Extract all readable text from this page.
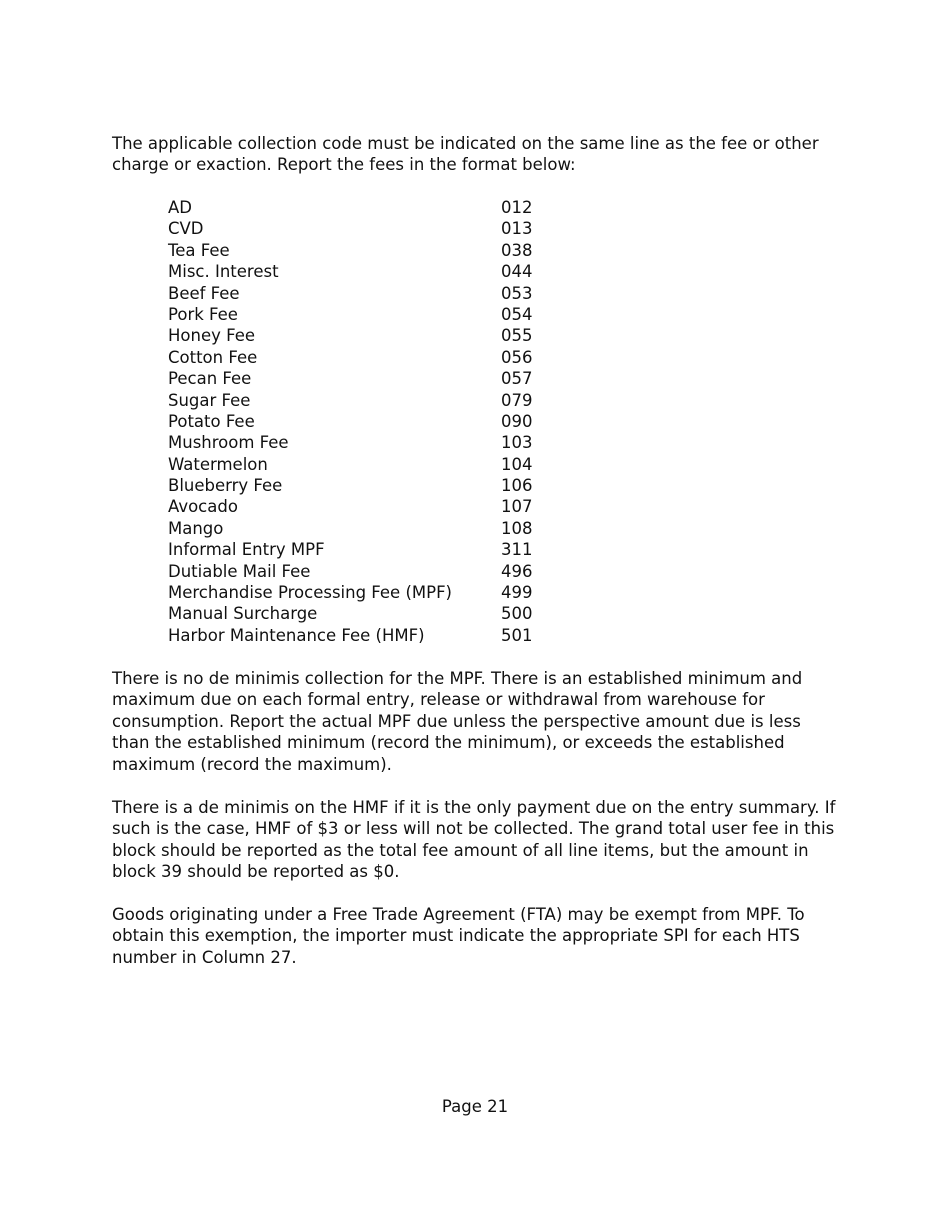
The applicable collection code must be indicated on the same line as the fee or other
charge or exaction. Report the fees in the format below:

AD	012
CVD	013
Tea Fee	038
Misc. Interest	044
Beef Fee	053
Pork Fee	054
Honey Fee	055
Cotton Fee	056
Pecan Fee	057
Sugar Fee	079
Potato Fee	090
Mushroom Fee	103
Watermelon	104
Blueberry Fee	106
Avocado	107
Mango	108
Informal Entry MPF	311
Dutiable Mail Fee	496
Merchandise Processing Fee (MPF)	499
Manual Surcharge	500
Harbor Maintenance Fee (HMF)	501

There is no de minimis collection for the MPF. There is an established minimum and
maximum due on each formal entry, release or withdrawal from warehouse for
consumption. Report the actual MPF due unless the perspective amount due is less
than the established minimum (record the minimum), or exceeds the established
maximum (record the maximum).

There is a de minimis on the HMF if it is the only payment due on the entry summary. If
such is the case, HMF of $3 or less will not be collected. The grand total user fee in this
block should be reported as the total fee amount of all line items, but the amount in
block 39 should be reported as $0.

Goods originating under a Free Trade Agreement (FTA) may be exempt from MPF. To
obtain this exemption, the importer must indicate the appropriate SPI for each HTS
number in Column 27.

Page 21
